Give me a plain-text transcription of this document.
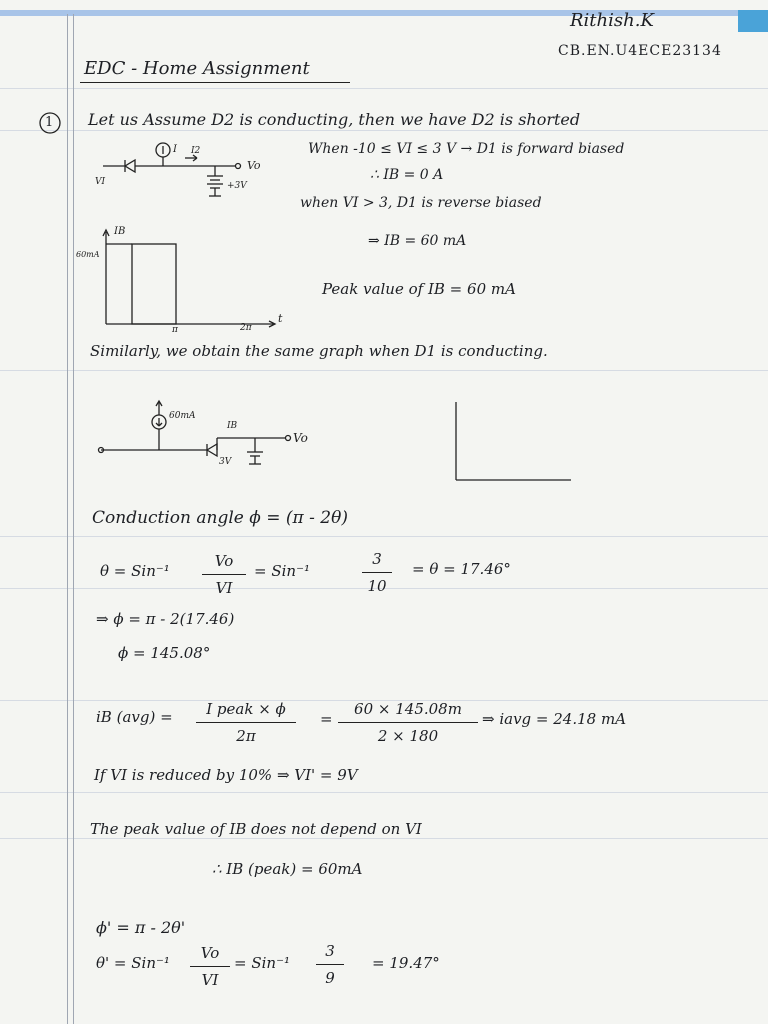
Rithish.K
CB.EN.U4ECE23134
EDC - Home Assignment
1 Let us Assume D2 is conducting, then we have D2 is shorted
I I2
Vo
VI	+3V
When -10 ≤ VI ≤ 3 V → D1 is forward biased
∴ IB = 0 A
when VI > 3, D1 is reverse biased
⇒ IB = 60 mA
IB
60mA
π	2π
t
Peak value of IB = 60 mA
Similarly, we obtain the same graph when D1 is conducting.
60mA
IB
Vo
3V
Conduction angle ϕ = (π - 2θ)
θ = Sin⁻¹
Vo
VI
= Sin⁻¹
3
10
= θ = 17.46°
⇒ ϕ = π - 2(17.46)
ϕ = 145.08°
iB (avg) =	I peak × ϕ
2π
=
60 × 145.08m
2 × 180
⇒ iavg = 24.18 mA
If VI is reduced by 10% ⇒ VI' = 9V
The peak value of IB does not depend on VI
∴ IB (peak) = 60mA
ϕ' = π - 2θ'
θ' = Sin⁻¹
Vo
VI
= Sin⁻¹
3
9
= 19.47°
